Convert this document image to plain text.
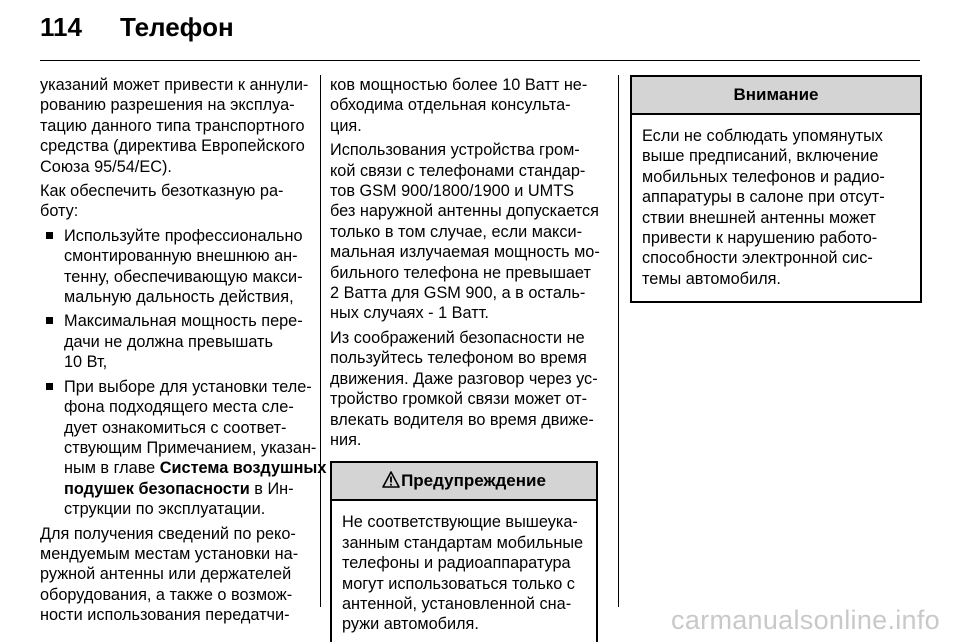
114	Телефон

указаний может привести к аннули-
рованию разрешения на эксплуа-
тацию данного типа транспортного
средства (директива Европейского
Союза 95/54/ЕС).

Как обеспечить безотказную ра-
боту:

Используйте профессионально
смонтированную внешнюю ан-
тенну, обеспечивающую макси-
мальную дальность действия,
Максимальная мощность пере-
дачи не должна превышать
10 Вт,
При выборе для установки теле-
фона подходящего места сле-
дует ознакомиться с соответ-
ствующим Примечанием, указан-
ным в главе Система воздушных
подушек безопасности в Ин-
струкции по эксплуатации.

Для получения сведений по реко-
мендуемым местам установки на-
ружной антенны или держателей
оборудования, а также о возмож-
ности использования передатчи-

ков мощностью более 10 Ватт не-
обходима отдельная консульта-
ция.

Использования устройства гром-
кой связи с телефонами стандар-
тов GSM 900/1800/1900 и UMTS
без наружной антенны допускается
только в том случае, если макси-
мальная излучаемая мощность мо-
бильного телефона не превышает
2 Ватта для GSM 900, а в осталь-
ных случаях - 1 Ватт.

Из соображений безопасности не
пользуйтесь телефоном во время
движения. Даже разговор через ус-
тройство громкой связи может от-
влекать водителя во время движе-
ния.

Предупреждение
Не соответствующие вышеука-
занным стандартам мобильные
телефоны и радиоаппаратура
могут использоваться только с
антенной, установленной сна-
ружи автомобиля.
Внимание
Если не соблюдать упомянутых
выше предписаний, включение
мобильных телефонов и радио-
аппаратуры в салоне при отсут-
ствии внешней антенны может
привести к нарушению работо-
способности электронной сис-
темы автомобиля.
carmanualsonline.info
